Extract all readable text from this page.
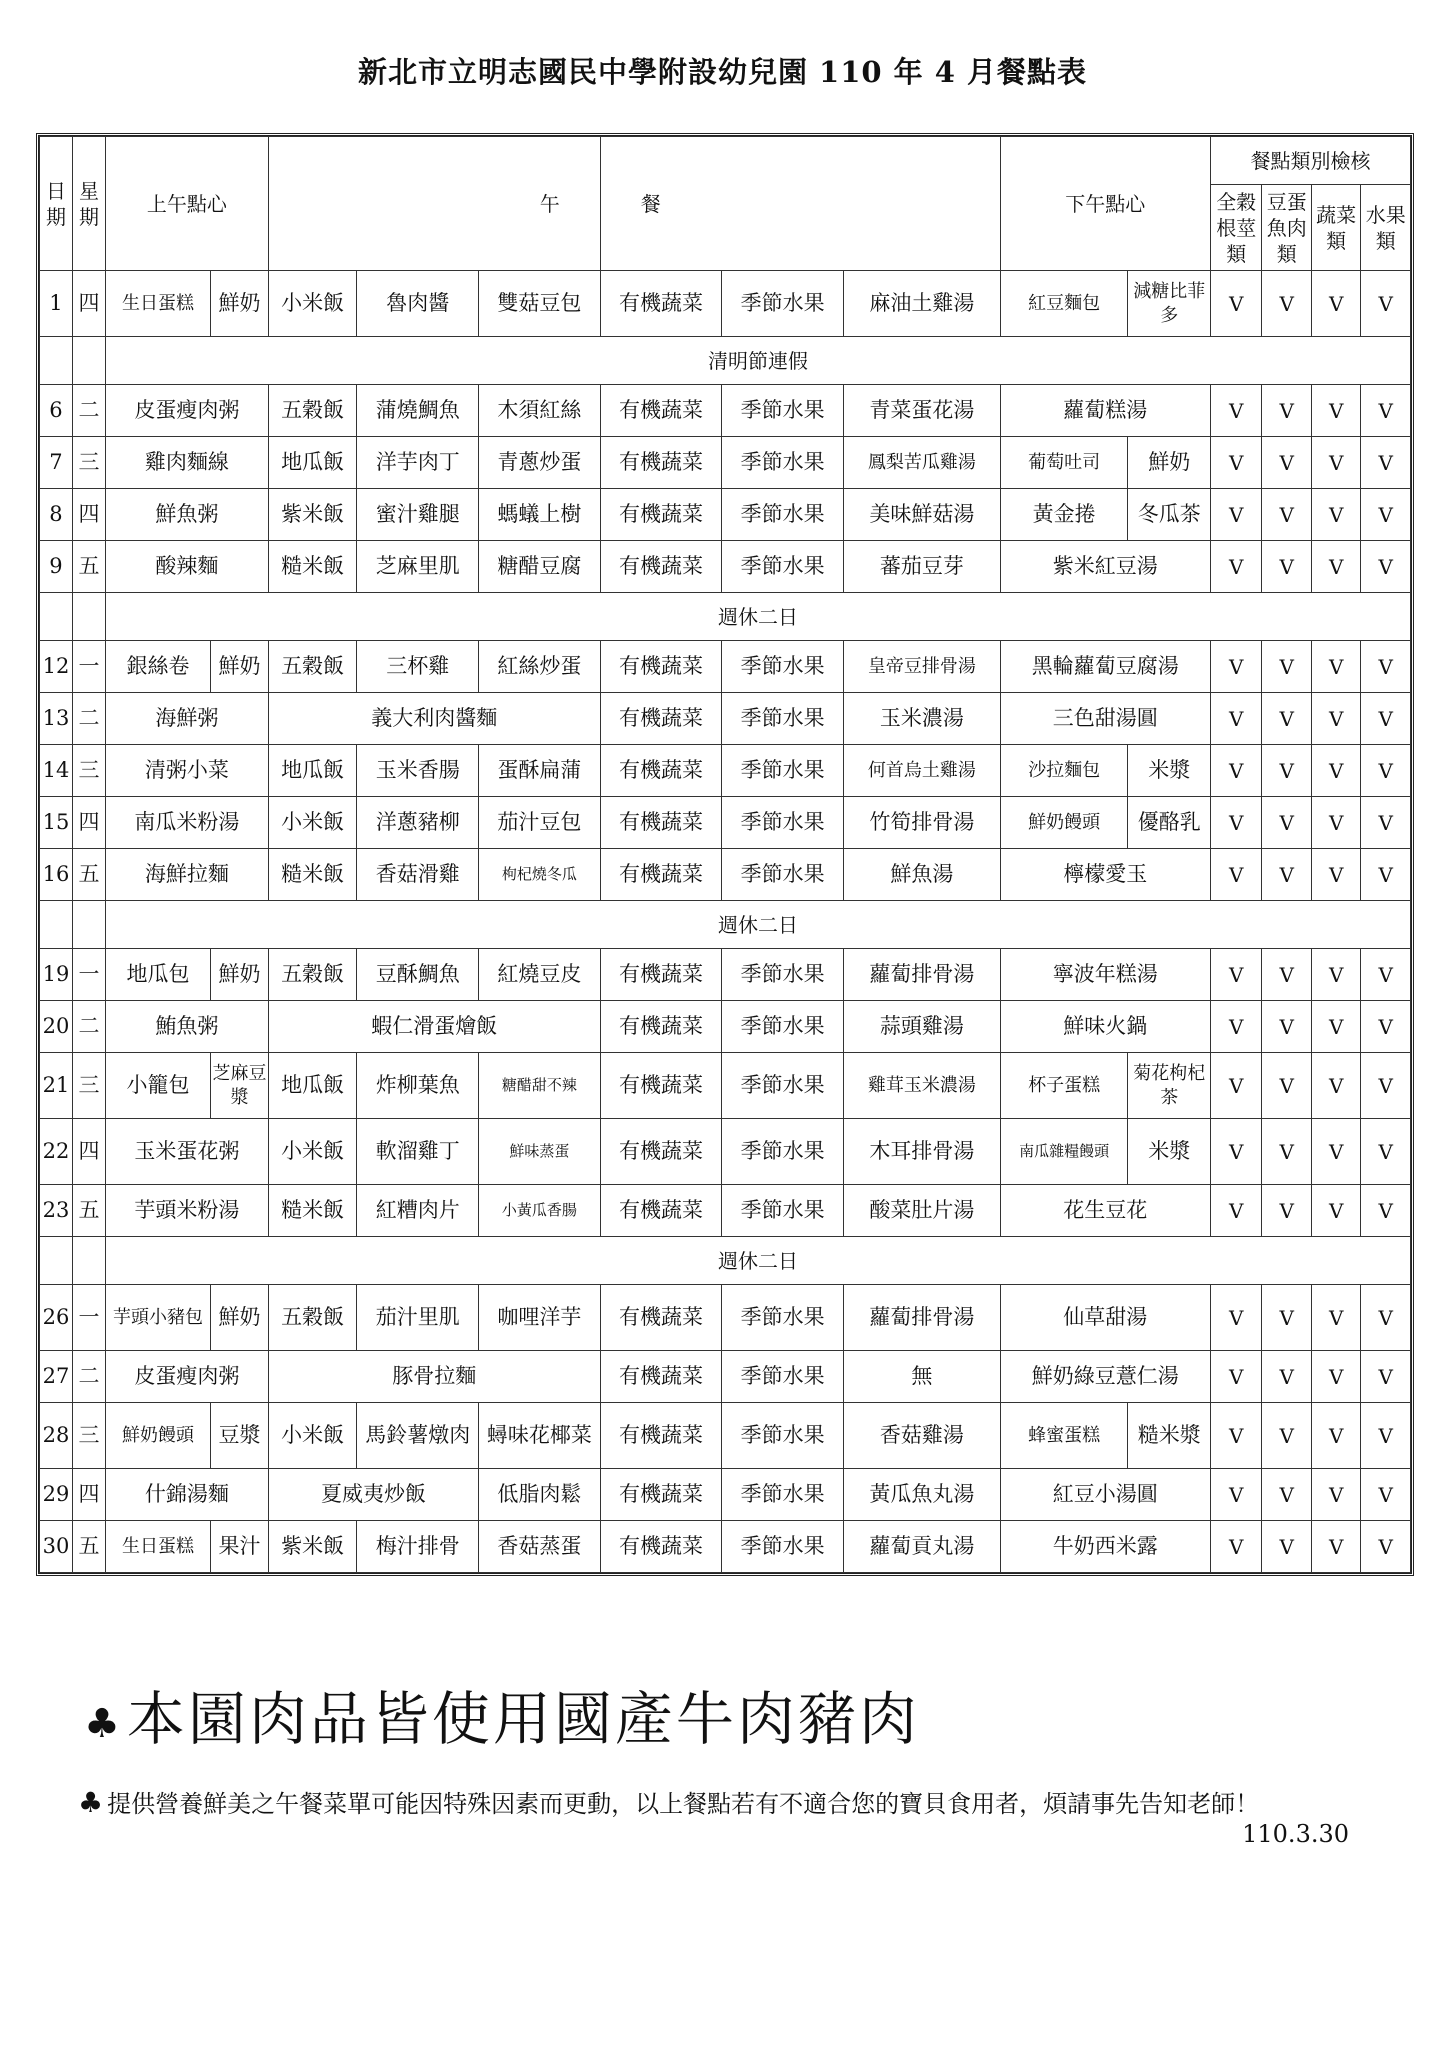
新北市立明志國民中學附設幼兒園 110 年 4 月餐點表
日期	星期	上午點心		午			餐			下午點心		餐點類別檢核			
												全穀根莖類	豆蛋魚肉類	蔬菜類	水果類
1	四	生日蛋糕	鮮奶	小米飯	魯肉醬	雙菇豆包	有機蔬菜	季節水果	麻油土雞湯	紅豆麵包	減糖比菲多	V	V	V	V
		清明節連假													
6	二	皮蛋瘦肉粥		五穀飯	蒲燒鯛魚	木須紅絲	有機蔬菜	季節水果	青菜蛋花湯	蘿蔔糕湯		V	V	V	V
7	三	雞肉麵線		地瓜飯	洋芋肉丁	青蔥炒蛋	有機蔬菜	季節水果	鳳梨苦瓜雞湯	葡萄吐司	鮮奶	V	V	V	V
8	四	鮮魚粥		紫米飯	蜜汁雞腿	螞蟻上樹	有機蔬菜	季節水果	美味鮮菇湯	黃金捲	冬瓜茶	V	V	V	V
9	五	酸辣麵		糙米飯	芝麻里肌	糖醋豆腐	有機蔬菜	季節水果	蕃茄豆芽	紫米紅豆湯		V	V	V	V
		週休二日													
12	一	銀絲卷	鮮奶	五穀飯	三杯雞	紅絲炒蛋	有機蔬菜	季節水果	皇帝豆排骨湯	黑輪蘿蔔豆腐湯		V	V	V	V
13	二	海鮮粥		義大利肉醬麵			有機蔬菜	季節水果	玉米濃湯	三色甜湯圓		V	V	V	V
14	三	清粥小菜		地瓜飯	玉米香腸	蛋酥扁蒲	有機蔬菜	季節水果	何首烏土雞湯	沙拉麵包	米漿	V	V	V	V
15	四	南瓜米粉湯		小米飯	洋蔥豬柳	茄汁豆包	有機蔬菜	季節水果	竹筍排骨湯	鮮奶饅頭	優酪乳	V	V	V	V
16	五	海鮮拉麵		糙米飯	香菇滑雞	枸杞燒冬瓜	有機蔬菜	季節水果	鮮魚湯	檸檬愛玉		V	V	V	V
		週休二日													
19	一	地瓜包	鮮奶	五穀飯	豆酥鯛魚	紅燒豆皮	有機蔬菜	季節水果	蘿蔔排骨湯	寧波年糕湯		V	V	V	V
20	二	鮪魚粥		蝦仁滑蛋燴飯			有機蔬菜	季節水果	蒜頭雞湯	鮮味火鍋		V	V	V	V
21	三	小籠包	芝麻豆漿	地瓜飯	炸柳葉魚	糖醋甜不辣	有機蔬菜	季節水果	雞茸玉米濃湯	杯子蛋糕	菊花枸杞茶	V	V	V	V
22	四	玉米蛋花粥		小米飯	軟溜雞丁	鮮味蒸蛋	有機蔬菜	季節水果	木耳排骨湯	南瓜雜糧饅頭	米漿	V	V	V	V
23	五	芋頭米粉湯		糙米飯	紅糟肉片	小黃瓜香腸	有機蔬菜	季節水果	酸菜肚片湯	花生豆花		V	V	V	V
		週休二日													
26	一	芋頭小豬包	鮮奶	五穀飯	茄汁里肌	咖哩洋芋	有機蔬菜	季節水果	蘿蔔排骨湯	仙草甜湯		V	V	V	V
27	二	皮蛋瘦肉粥		豚骨拉麵			有機蔬菜	季節水果	無	鮮奶綠豆薏仁湯		V	V	V	V
28	三	鮮奶饅頭	豆漿	小米飯	馬鈴薯燉肉	蟳味花椰菜	有機蔬菜	季節水果	香菇雞湯	蜂蜜蛋糕	糙米漿	V	V	V	V
29	四	什錦湯麵		夏威夷炒飯		低脂肉鬆	有機蔬菜	季節水果	黃瓜魚丸湯	紅豆小湯圓		V	V	V	V
30	五	生日蛋糕	果汁	紫米飯	梅汁排骨	香菇蒸蛋	有機蔬菜	季節水果	蘿蔔貢丸湯	牛奶西米露		V	V	V	V
♣本園肉品皆使用國產牛肉豬肉
♣ 提供營養鮮美之午餐菜單可能因特殊因素而更動，以上餐點若有不適合您的寶貝食用者，煩請事先告知老師！
110.3.30
